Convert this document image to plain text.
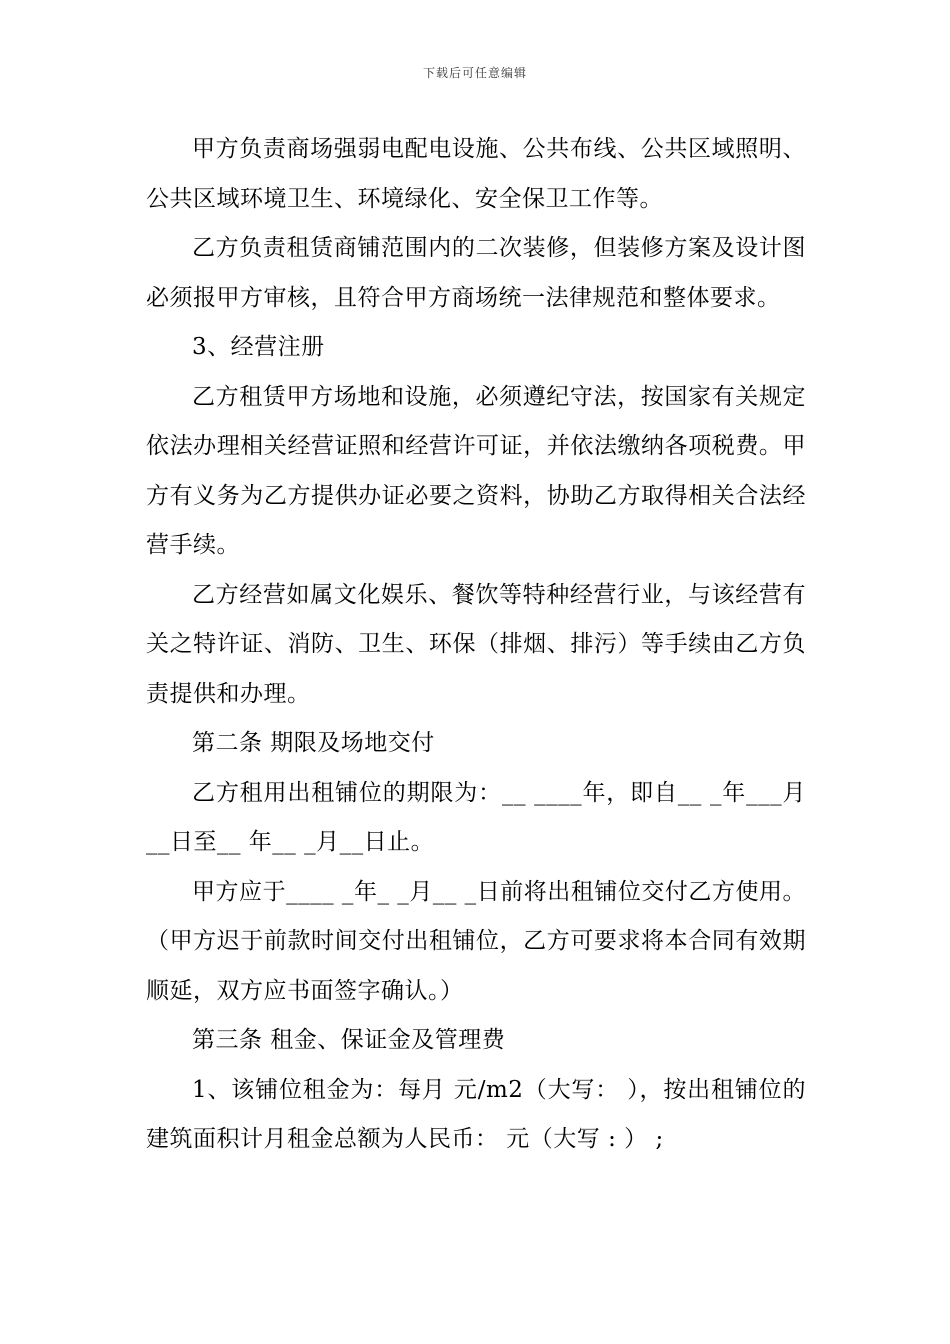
下载后可任意编辑

甲方负责商场强弱电配电设施、公共布线、公共区域照明、公共区域环境卫生、环境绿化、安全保卫工作等。

乙方负责租赁商铺范围内的二次装修，但装修方案及设计图必须报甲方审核，且符合甲方商场统一法律规范和整体要求。

3、经营注册

乙方租赁甲方场地和设施，必须遵纪守法，按国家有关规定依法办理相关经营证照和经营许可证，并依法缴纳各项税费。甲方有义务为乙方提供办证必要之资料，协助乙方取得相关合法经营手续。

乙方经营如属文化娱乐、餐饮等特种经营行业，与该经营有关之特许证、消防、卫生、环保（排烟、排污）等手续由乙方负责提供和办理。

第二条 期限及场地交付

乙方租用出租铺位的期限为：__ ____年，即自__ _年___月__日至__ 年__ _月__日止。

甲方应于____ _年_ _月__ _日前将出租铺位交付乙方使用。（甲方迟于前款时间交付出租铺位，乙方可要求将本合同有效期顺延，双方应书面签字确认。）

第三条 租金、保证金及管理费

1、该铺位租金为：每月 元/m2（大写： ），按出租铺位的建筑面积计月租金总额为人民币： 元（大写 : ） ;
